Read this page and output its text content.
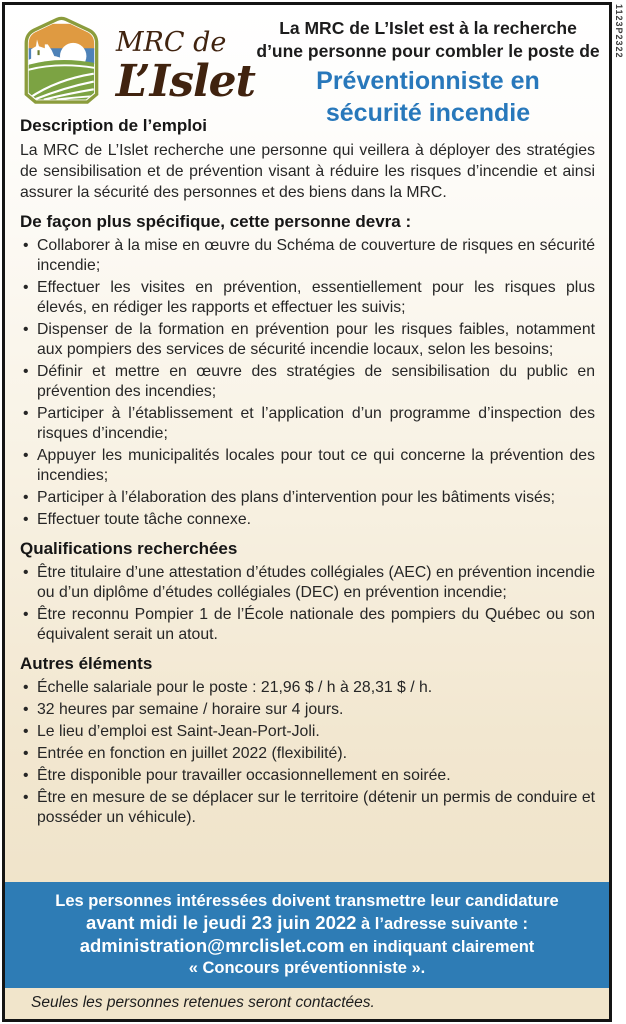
MRC de
L’Islet
La MRC de L’Islet est à la recherche
d’une personne pour combler le poste de
Préventionniste en
sécurité incendie
Description de l’emploi
La MRC de L’Islet recherche une personne qui veillera à déployer des stratégies de sensibilisation et de prévention visant à réduire les risques d’incendie et ainsi assurer la sécurité des personnes et des biens dans la MRC.
De façon plus spécifique, cette personne devra :
• Collaborer à la mise en œuvre du Schéma de couverture de risques en sécurité incendie;
• Effectuer les visites en prévention, essentiellement pour les risques plus élevés, en rédiger les rapports et effectuer les suivis;
• Dispenser de la formation en prévention pour les risques faibles, notamment aux pompiers des services de sécurité incendie locaux, selon les besoins;
• Définir et mettre en œuvre des stratégies de sensibilisation du public en prévention des incendies;
• Participer à l’établissement et l’application d’un programme d’inspection des risques d’incendie;
• Appuyer les municipalités locales pour tout ce qui concerne la prévention des incendies;
• Participer à l’élaboration des plans d’intervention pour les bâtiments visés;
• Effectuer toute tâche connexe.
Qualifications recherchées
• Être titulaire d’une attestation d’études collégiales (AEC) en prévention incendie ou d’un diplôme d’études collégiales (DEC) en prévention incendie;
• Être reconnu Pompier 1 de l’École nationale des pompiers du Québec ou son équivalent serait un atout.
Autres éléments
• Échelle salariale pour le poste : 21,96 $ / h à 28,31 $ / h.
• 32 heures par semaine / horaire sur 4 jours.
• Le lieu d’emploi est Saint-Jean-Port-Joli.
• Entrée en fonction en juillet 2022 (flexibilité).
• Être disponible pour travailler occasionnellement en soirée.
• Être en mesure de se déplacer sur le territoire (détenir un permis de conduire et posséder un véhicule).
Les personnes intéressées doivent transmettre leur candidature
avant midi le jeudi 23 juin 2022 à l’adresse suivante :
administration@mrclislet.com en indiquant clairement
« Concours préventionniste ».
Seules les personnes retenues seront contactées.
1123P2322
